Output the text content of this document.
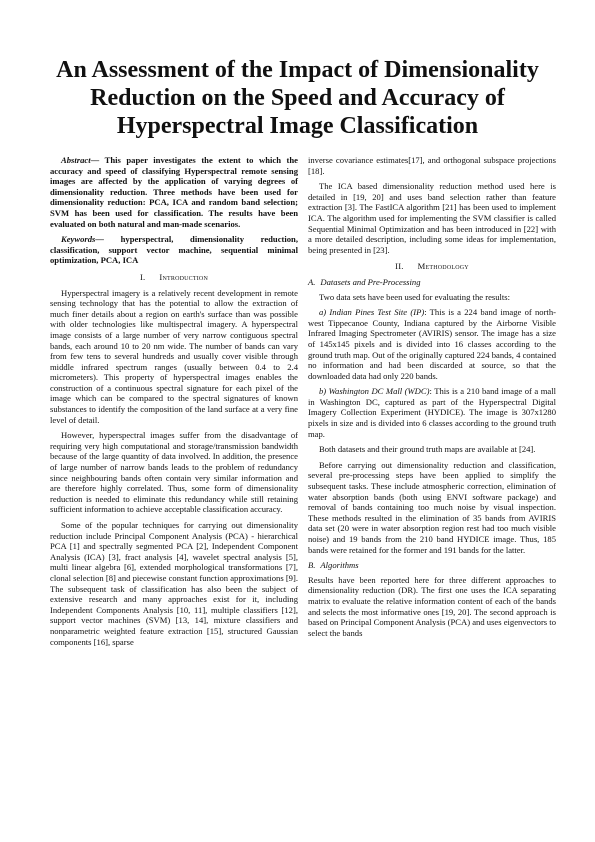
An Assessment of the Impact of Dimensionality Reduction on the Speed and Accuracy of Hyperspectral Image Classification

Abstract— This paper investigates the extent to which the accuracy and speed of classifying Hyperspectral remote sensing images are affected by the application of varying degrees of dimensionality reduction. Three methods have been used for dimensionality reduction: PCA, ICA and random band selection; SVM has been used for classification. The results have been evaluated on both natural and man-made scenarios.

Keywords— hyperspectral, dimensionality reduction, classification, support vector machine, sequential minimal optimization, PCA, ICA

I. Introduction

Hyperspectral imagery is a relatively recent development in remote sensing technology that has the potential to allow the extraction of much finer details about a region on earth's surface than was possible with older technologies like multispectral imagery. A hyperspectral image consists of a large number of very narrow contiguous spectral bands, each around 10 to 20 nm wide. The number of bands can vary from few tens to several hundreds and usually cover visible through middle infrared spectrum ranges (usually between 0.4 to 2.4 micrometers). This property of hyperspectral images enables the construction of a continuous spectral signature for each pixel of the image which can be compared to the spectral signatures of known substances to identify the composition of the land surface at a very fine level of detail.

However, hyperspectral images suffer from the disadvantage of requiring very high computational and storage/transmission bandwidth because of the large quantity of data involved. In addition, the presence of large number of narrow bands leads to the problem of redundancy since neighbouring bands often contain very similar information and are therefore highly correlated. Thus, some form of dimensionality reduction is needed to eliminate this redundancy while still retaining sufficient information to achieve acceptable classification accuracy.

Some of the popular techniques for carrying out dimensionality reduction include Principal Component Analysis (PCA) - hierarchical PCA [1] and spectrally segmented PCA [2], Independent Component Analysis (ICA) [3], fract analysis [4], wavelet spectral analysis [5], multi linear algebra [6], extended morphological transformations [7], clonal selection [8] and piecewise constant function approximations [9]. The subsequent task of classification has also been the subject of extensive research and many approaches exist for it, including Independent Components Analysis [10, 11], multiple classifiers [12], support vector machines (SVM) [13, 14], mixture classifiers and nonparametric weighted feature extraction [15], structured Gaussian components [16], sparse

inverse covariance estimates[17], and orthogonal subspace projections [18].

The ICA based dimensionality reduction method used here is detailed in [19, 20] and uses band selection rather than feature extraction [3]. The FastICA algorithm [21] has been used to implement ICA. The algorithm used for implementing the SVM classifier is called Sequential Minimal Optimization and has been introduced in [22] with a more detailed description, including some ideas for implementation, being presented in [23].

II. Methodology
A. Datasets and Pre-Processing

Two data sets have been used for evaluating the results:

a) Indian Pines Test Site (IP): This is a 224 band image of north-west Tippecanoe County, Indiana captured by the Airborne Visible Infrared Imaging Spectrometer (AVIRIS) sensor. The image has a size of 145x145 pixels and is divided into 16 classes according to the ground truth map. Out of the originally captured 224 bands, 4 contained no information and had been discarded at source, so that the downloaded data had only 220 bands.

b) Washington DC Mall (WDC): This is a 210 band image of a mall in Washington DC, captured as part of the Hyperspectral Digital Imagery Collection Experiment (HYDICE). The image is 307x1280 pixels in size and is divided into 6 classes according to the ground truth map.

Both datasets and their ground truth maps are available at [24].

Before carrying out dimensionality reduction and classification, several pre-processing steps have been applied to simplify the subsequent tasks. These include atmospheric correction, elimination of water absorption bands (both using ENVI software package) and removal of bands containing too much noise by visual inspection. These methods resulted in the elimination of 35 bands from AVIRIS data set (20 were in water absorption region rest had too much visible noise) and 19 bands from the 210 band HYDICE image. Thus, 185 bands were retained for the former and 191 bands for the latter.

B. Algorithms

Results have been reported here for three different approaches to dimensionality reduction (DR). The first one uses the ICA separating matrix to evaluate the relative information content of each of the bands and selects the most informative ones [19, 20]. The second approach is based on Principal Component Analysis (PCA) and uses eigenvectors to select the bands
